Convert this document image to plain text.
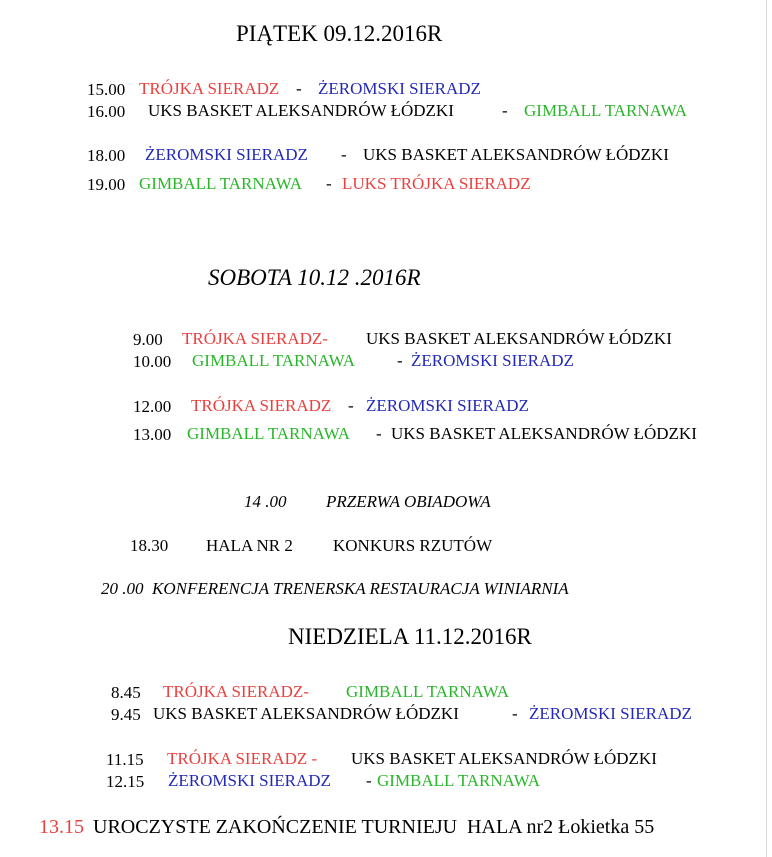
PIĄTEK 09.12.2016R
15.00 TRÓJKA SIERADZ - ŻEROMSKI SIERADZ
16.00 UKS BASKET ALEKSANDRÓW ŁÓDZKI	- GIMBALL TARNAWA
18.00 ŻEROMSKI SIERADZ - UKS BASKET ALEKSANDRÓW ŁÓDZKI
19.00 GIMBALL TARNAWA - LUKS TRÓJKA SIERADZ
SOBOTA 10.12 .2016R
9.00 TRÓJKA SIERADZ- UKS BASKET ALEKSANDRÓW ŁÓDZKI
10.00 GIMBALL TARNAWA - ŻEROMSKI SIERADZ
12.00 TRÓJKA SIERADZ - ŻEROMSKI SIERADZ
13.00 GIMBALL TARNAWA - UKS BASKET ALEKSANDRÓW ŁÓDZKI
14 .00 PRZERWA OBIADOWA
18.30 HALA NR 2 KONKURS RZUTÓW
20 .00  KONFERENCJA TRENERSKA RESTAURACJA WINIARNIA
NIEDZIELA 11.12.2016R
8.45 TRÓJKA SIERADZ- GIMBALL TARNAWA
9.45 UKS BASKET ALEKSANDRÓW ŁÓDZKI	- ŻEROMSKI SIERADZ
11.15 TRÓJKA SIERADZ - UKS BASKET ALEKSANDRÓW ŁÓDZKI
12.15 ŻEROMSKI SIERADZ - GIMBALL TARNAWA
13.15 UROCZYSTE ZAKOŃCZENIE TURNIEJU  HALA nr2 Łokietka 55
